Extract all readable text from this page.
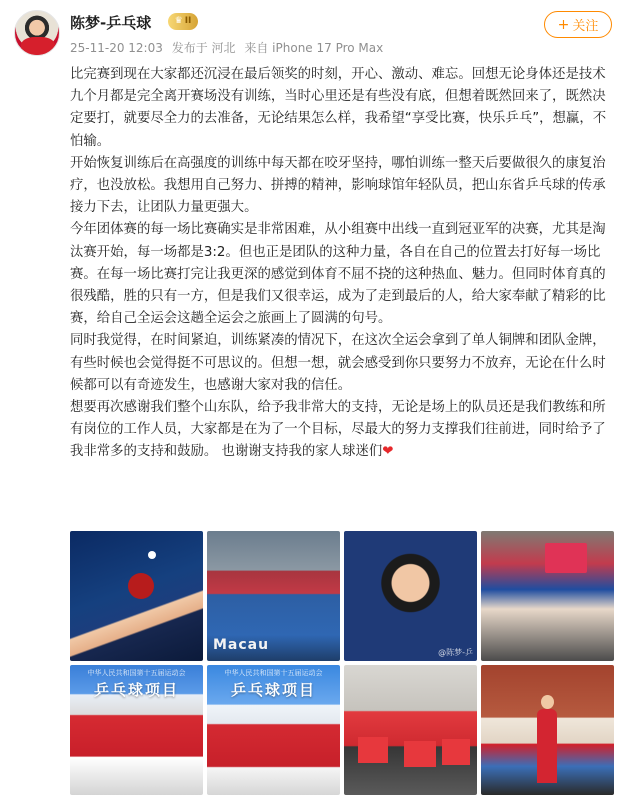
陈梦-乒乓球	♛ II
25-11-20 12:03 发布于 河北 来自 iPhone 17 Pro Max
+ 关注

比完赛到现在大家都还沉浸在最后领奖的时刻，开心、激动、难忘。回想无论身体还是技术九个月都是完全离开赛场没有训练，当时心里还是有些没有底，但想着既然回来了，既然决定要打，就要尽全力的去准备，无论结果怎么样，我希望“享受比赛，快乐乒乓”，想赢，不怕输。

开始恢复训练后在高强度的训练中每天都在咬牙坚持，哪怕训练一整天后要做很久的康复治疗，也没放松。我想用自己努力、拼搏的精神，影响球馆年轻队员，把山东省乒乓球的传承接力下去，让团队力量更强大。

今年团体赛的每一场比赛确实是非常困难，从小组赛中出线一直到冠亚军的决赛，尤其是淘汰赛开始，每一场都是3:2。但也正是团队的这种力量，各自在自己的位置去打好每一场比赛。在每一场比赛打完让我更深的感觉到体育不屈不挠的这种热血、魅力。但同时体育真的很残酷，胜的只有一方，但是我们又很幸运，成为了走到最后的人，给大家奉献了精彩的比赛，给自己全运会这趟全运会之旅画上了圆满的句号。

同时我觉得，在时间紧迫，训练紧凑的情况下，在这次全运会拿到了单人铜牌和团队金牌，有些时候也会觉得挺不可思议的。但想一想，就会感受到你只要努力不放弃，无论在什么时候都可以有奇迹发生，也感谢大家对我的信任。

想要再次感谢我们整个山东队，给予我非常大的支持，无论是场上的队员还是我们教练和所有岗位的工作人员，大家都是在为了一个目标，尽最大的努力支撑我们往前进，同时给予了我非常多的支持和鼓励。 也谢谢支持我的家人球迷们❤

Macau	@陈梦-乒
中华人民共和国第十五届运动会
乒乓球项目
中华人民共和国第十五届运动会
乒乓球项目
